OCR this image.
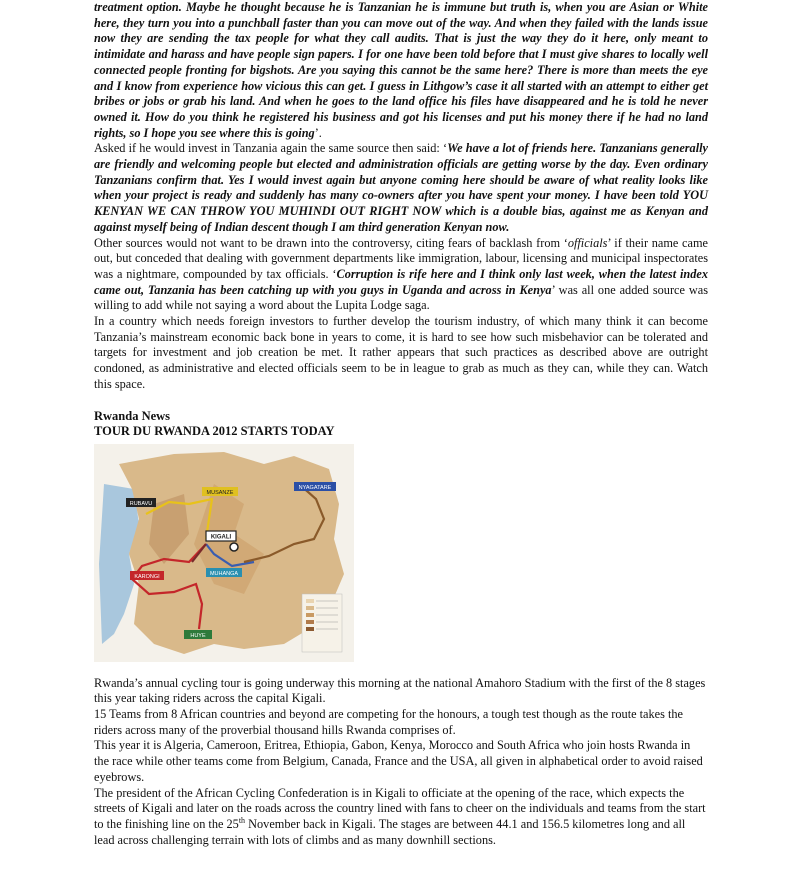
treatment option. Maybe he thought because he is Tanzanian he is immune but truth is, when you are Asian or White here, they turn you into a punchball faster than you can move out of the way. And when they failed with the lands issue now they are sending the tax people for what they call audits. That is just the way they do it here, only meant to intimidate and harass and have people sign papers. I for one have been told before that I must give shares to locally well connected people fronting for bigshots. Are you saying this cannot be the same here? There is more than meets the eye and I know from experience how vicious this can get. I guess in Lithgow’s case it all started with an attempt to either get bribes or jobs or grab his land. And when he goes to the land office his files have disappeared and he is told he never owned it. How do you think he registered his business and got his licenses and put his money there if he had no land rights, so I hope you see where this is going’.

Asked if he would invest in Tanzania again the same source then said: ‘We have a lot of friends here. Tanzanians generally are friendly and welcoming people but elected and administration officials are getting worse by the day. Even ordinary Tanzanians confirm that. Yes I would invest again but anyone coming here should be aware of what reality looks like when your project is ready and suddenly has many co-owners after you have spent your money. I have been told YOU KENYAN WE CAN THROW YOU MUHINDI OUT RIGHT NOW which is a double bias, against me as Kenyan and against myself being of Indian descent though I am third generation Kenyan now.

Other sources would not want to be drawn into the controversy, citing fears of backlash from ‘officials’ if their name came out, but conceded that dealing with government departments like immigration, labour, licensing and municipal inspectorates was a nightmare, compounded by tax officials. ‘Corruption is rife here and I think only last week, when the latest index came out, Tanzania has been catching up with you guys in Uganda and across in Kenya’ was all one added source was willing to add while not saying a word about the Lupita Lodge saga.

In a country which needs foreign investors to further develop the tourism industry, of which many think it can become Tanzania’s mainstream economic back bone in years to come, it is hard to see how such misbehavior can be tolerated and targets for investment and job creation be met. It rather appears that such practices as described above are outright condoned, as administrative and elected officials seem to be in league to grab as much as they can, while they can. Watch this space.

Rwanda News
TOUR DU RWANDA 2012 STARTS TODAY
RUBAVU
MUSANZE
NYAGATARE
KIGALI
KARONGI	MUHANGA
HUYE

Rwanda’s annual cycling tour is going underway this morning at the national Amahoro Stadium with the first of the 8 stages this year taking riders across the capital Kigali.

15 Teams from 8 African countries and beyond are competing for the honours, a tough test though as the route takes the riders across many of the proverbial thousand hills Rwanda comprises of.

This year it is Algeria, Cameroon, Eritrea, Ethiopia, Gabon, Kenya, Morocco and South Africa who join hosts Rwanda in the race while other teams come from Belgium, Canada, France and the USA, all given in alphabetical order to avoid raised eyebrows.

The president of the African Cycling Confederation is in Kigali to officiate at the opening of the race, which expects the streets of Kigali and later on the roads across the country lined with fans to cheer on the individuals and teams from the start to the finishing line on the 25th November back in Kigali. The stages are between 44.1 and 156.5 kilometres long and all lead across challenging terrain with lots of climbs and as many downhill sections.
